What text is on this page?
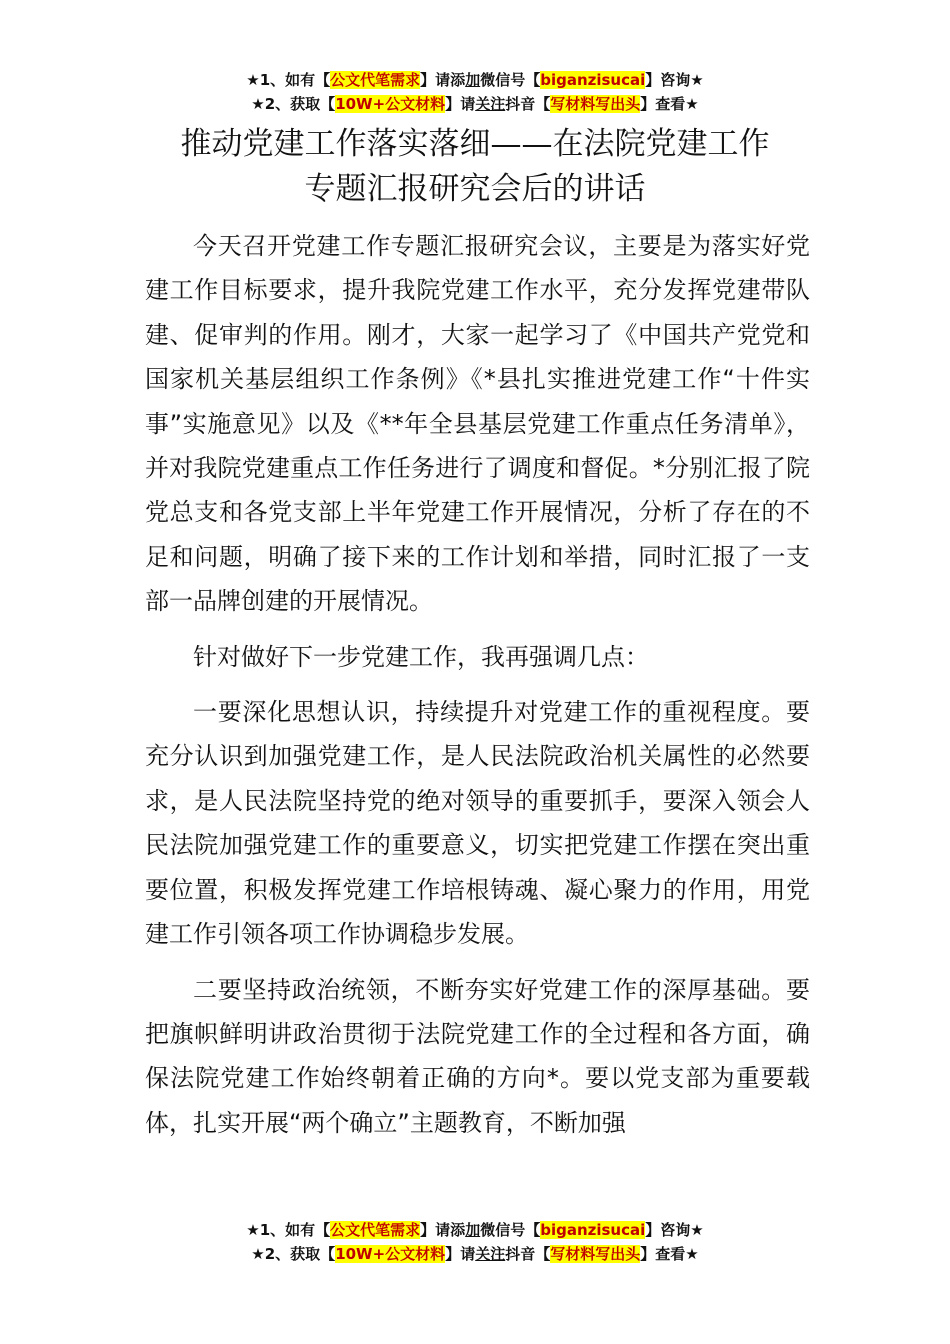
★1、如有【公文代笔需求】请添加微信号【biganzisucai】咨询★
★2、获取【10W+公文材料】请关注抖音【写材料写出头】查看★
推动党建工作落实落细——在法院党建工作
专题汇报研究会后的讲话

今天召开党建工作专题汇报研究会议，主要是为落实好党建工作目标要求，提升我院党建工作水平，充分发挥党建带队建、促审判的作用。刚才，大家一起学习了《中国共产党党和国家机关基层组织工作条例》《*县扎实推进党建工作“十件实事”实施意见》以及《**年全县基层党建工作重点任务清单》，并对我院党建重点工作任务进行了调度和督促。*分别汇报了院党总支和各党支部上半年党建工作开展情况，分析了存在的不足和问题，明确了接下来的工作计划和举措，同时汇报了一支部一品牌创建的开展情况。

针对做好下一步党建工作，我再强调几点：

一要深化思想认识，持续提升对党建工作的重视程度。要充分认识到加强党建工作，是人民法院政治机关属性的必然要求，是人民法院坚持党的绝对领导的重要抓手，要深入领会人民法院加强党建工作的重要意义，切实把党建工作摆在突出重要位置，积极发挥党建工作培根铸魂、凝心聚力的作用，用党建工作引领各项工作协调稳步发展。

二要坚持政治统领，不断夯实好党建工作的深厚基础。要把旗帜鲜明讲政治贯彻于法院党建工作的全过程和各方面，确保法院党建工作始终朝着正确的方向*。要以党支部为重要载体，扎实开展“两个确立”主题教育，不断加强

★1、如有【公文代笔需求】请添加微信号【biganzisucai】咨询★
★2、获取【10W+公文材料】请关注抖音【写材料写出头】查看★
